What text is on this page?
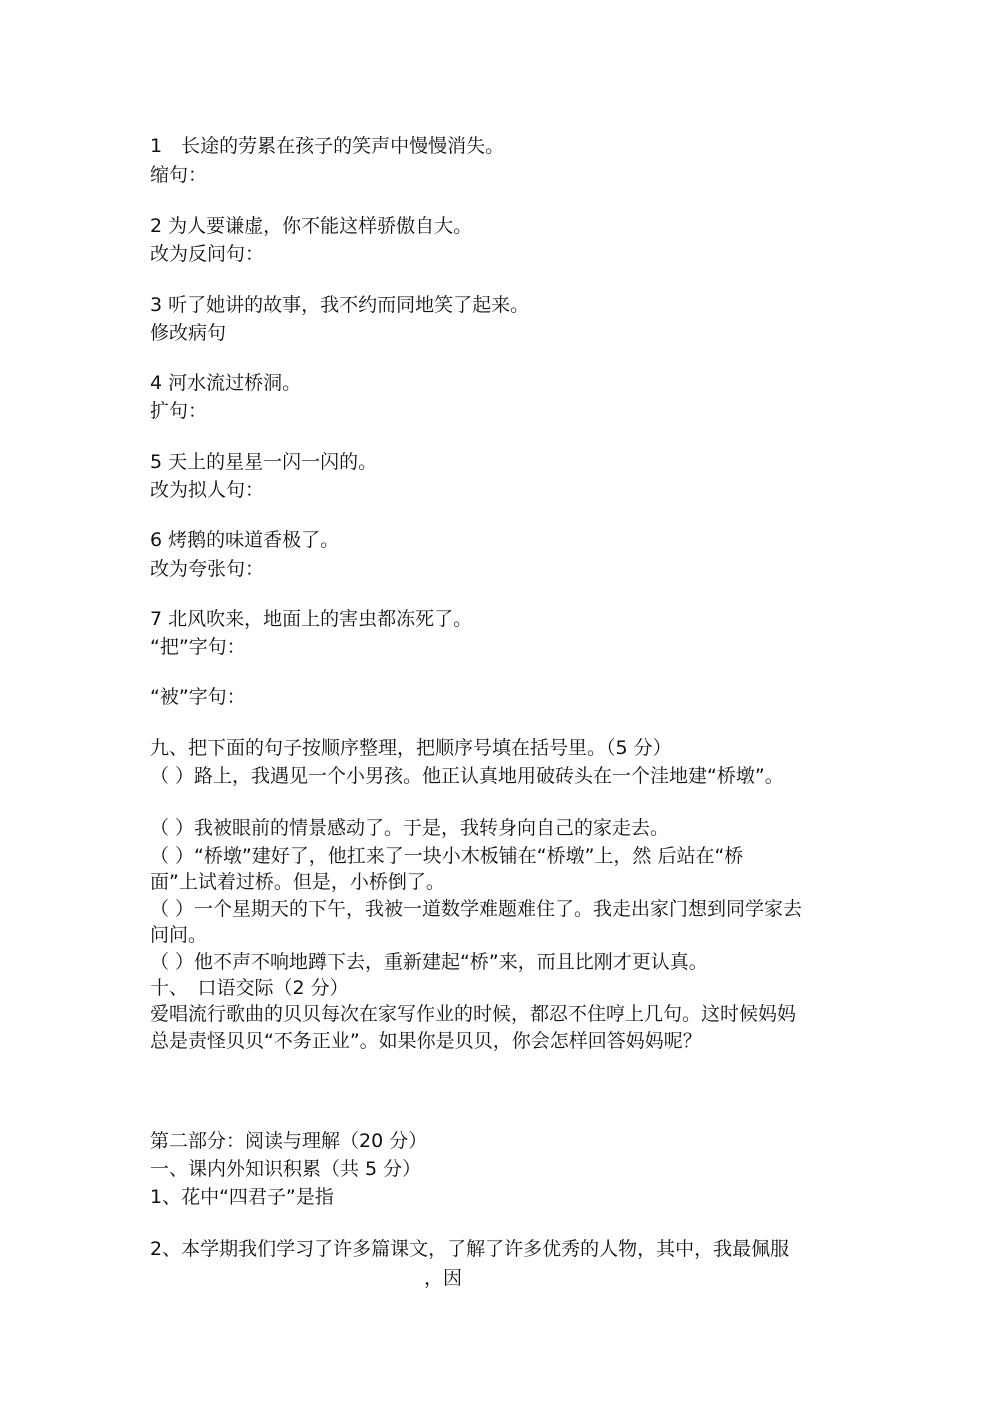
1　长途的劳累在孩子的笑声中慢慢消失。
缩句：
2 为人要谦虚，你不能这样骄傲自大。
改为反问句：
3 听了她讲的故事，我不约而同地笑了起来。
修改病句
4 河水流过桥洞。
扩句：
5 天上的星星一闪一闪的。
改为拟人句：
6 烤鹅的味道香极了。
改为夸张句：
7 北风吹来，地面上的害虫都冻死了。
“把”字句：
“被”字句：
九、把下面的句子按顺序整理，把顺序号填在括号里。（5 分）
（ ）路上，我遇见一个小男孩。他正认真地用破砖头在一个洼地建“桥墩”。
（ ）我被眼前的情景感动了。于是，我转身向自己的家走去。
（ ）“桥墩”建好了，他扛来了一块小木板铺在“桥墩”上，然 后站在“桥
面”上试着过桥。但是，小桥倒了。
（ ）一个星期天的下午，我被一道数学难题难住了。我走出家门想到同学家去
问问。
（ ）他不声不响地蹲下去，重新建起“桥”来，而且比刚才更认真。
十、　口语交际（2 分）
爱唱流行歌曲的贝贝每次在家写作业的时候，都忍不住哼上几句。这时候妈妈
总是责怪贝贝“不务正业”。如果你是贝贝，你会怎样回答妈妈呢？
第二部分：阅读与理解（20 分）
一、课内外知识积累（共 5 分）
1、花中“四君子”是指
2、本学期我们学习了许多篇课文，了解了许多优秀的人物，其中，我最佩服
，因
